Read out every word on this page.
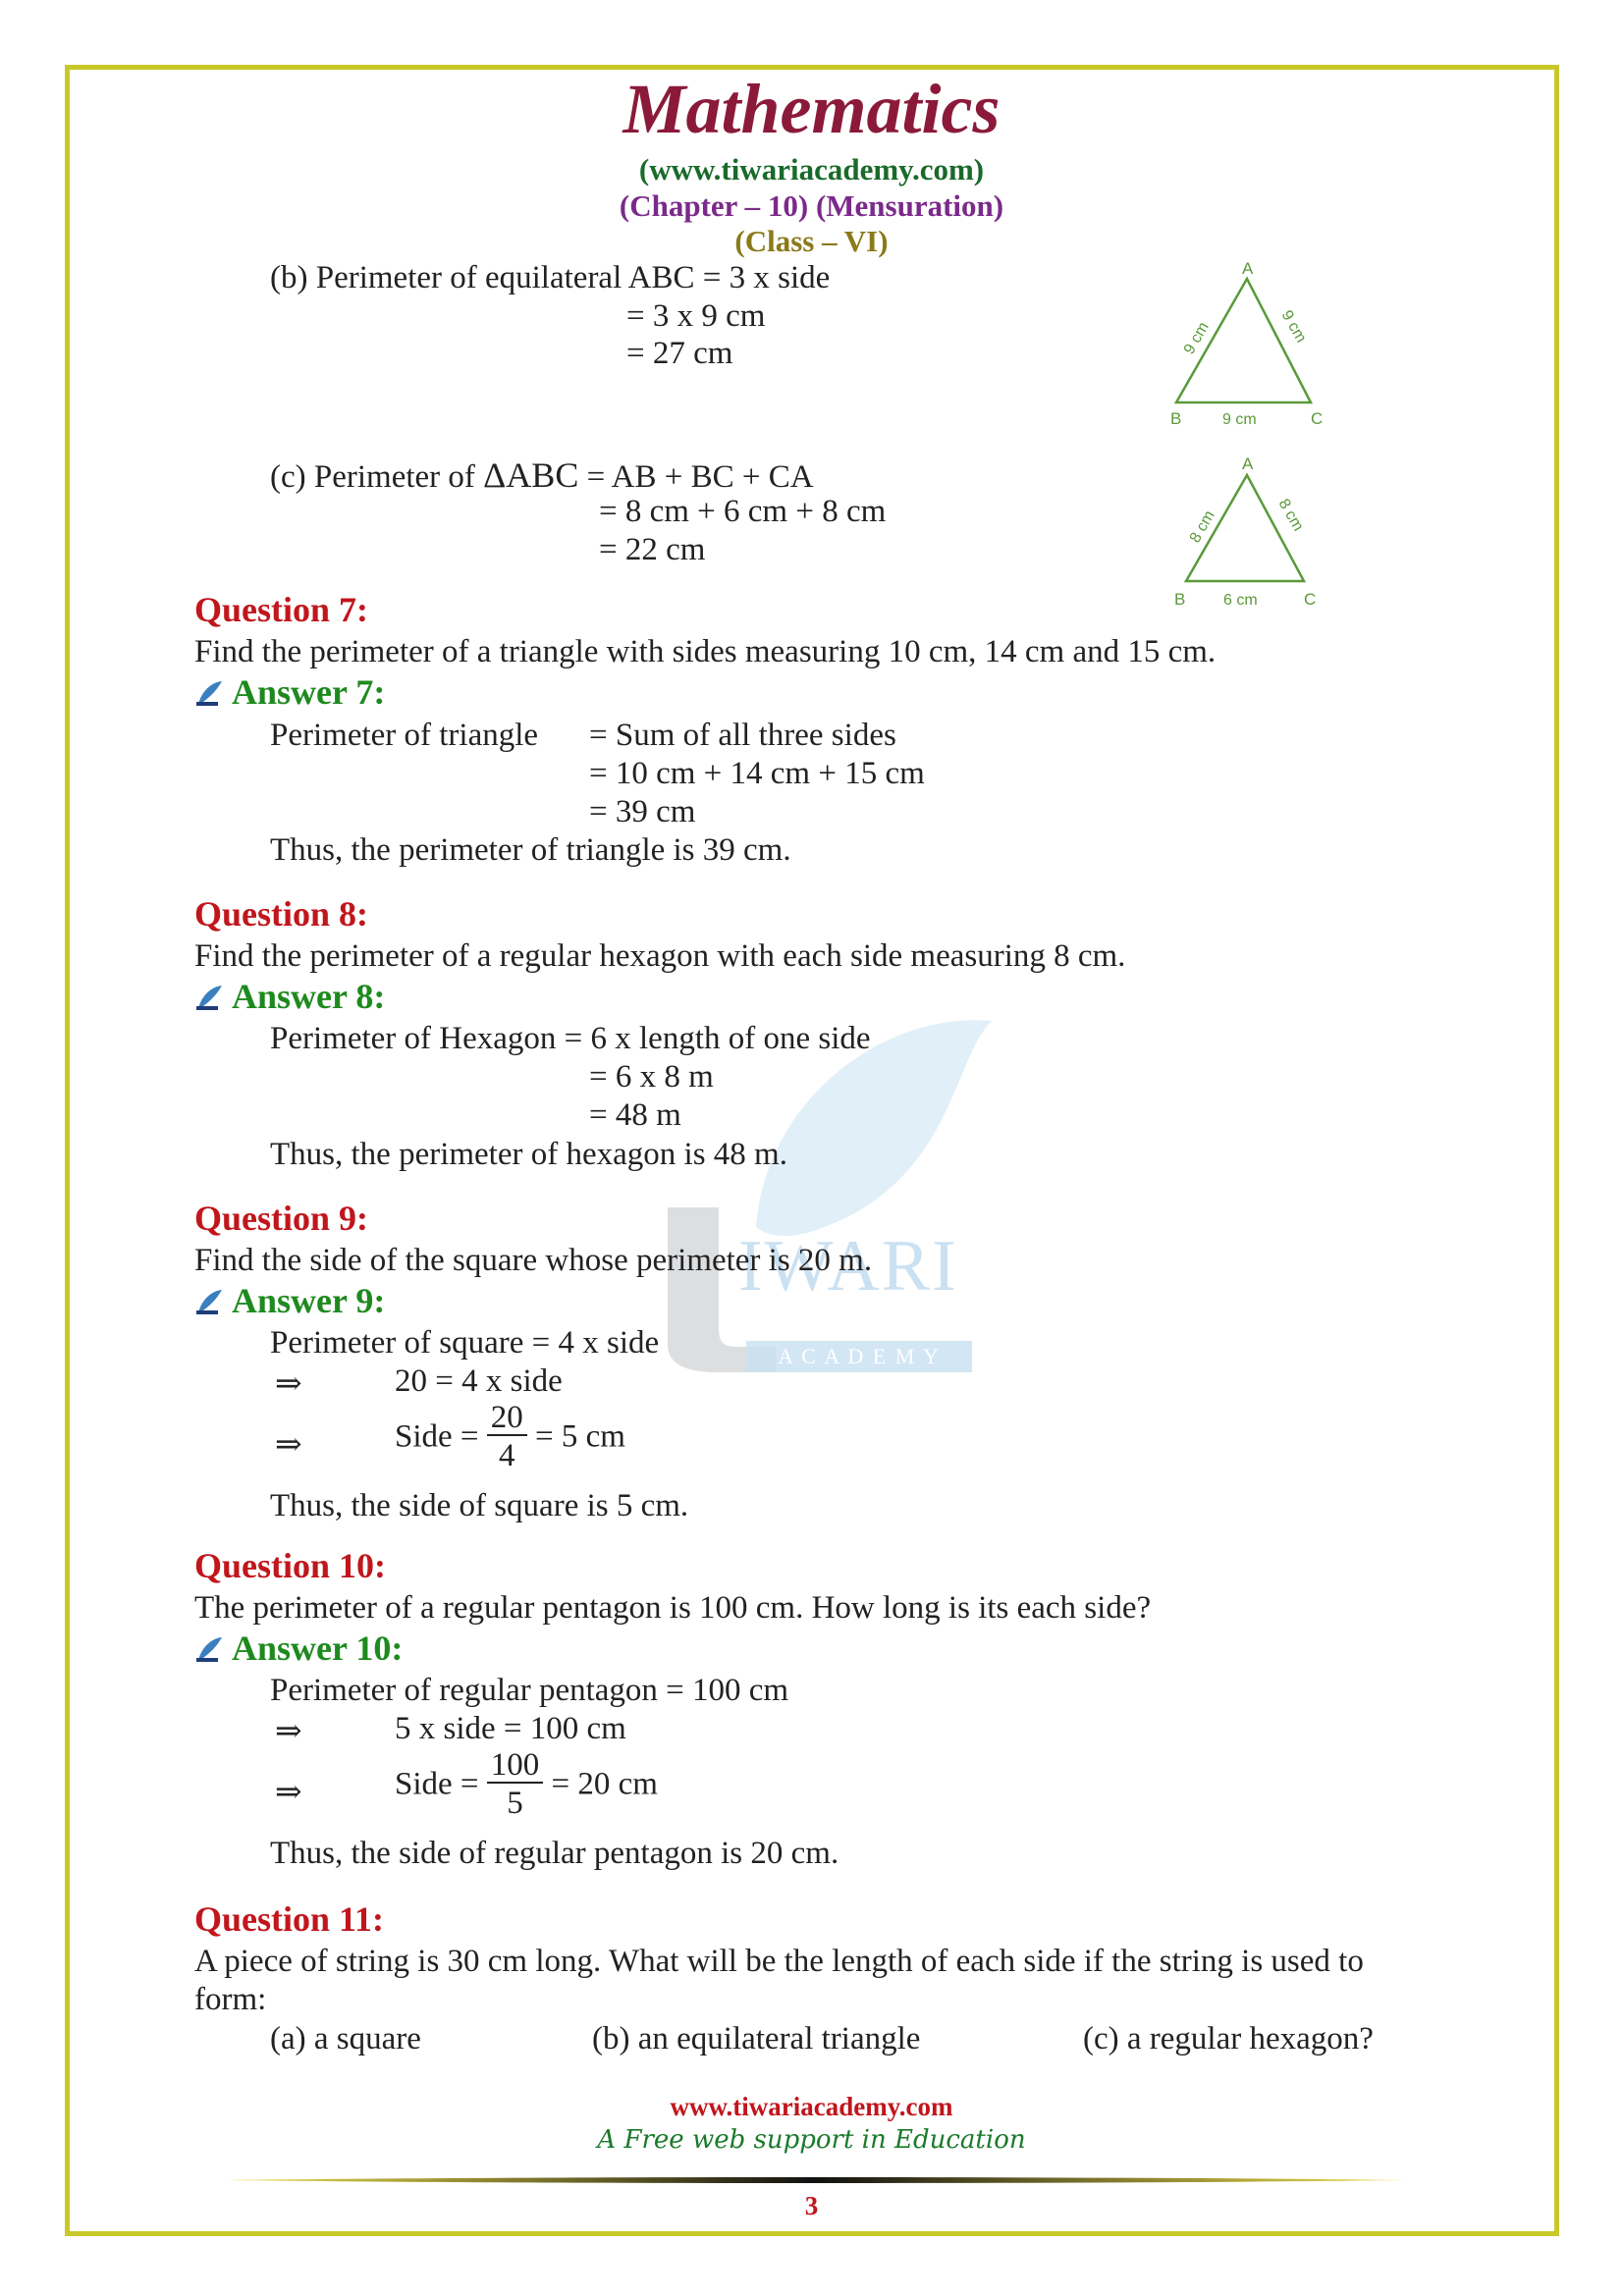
IWARI
A C A D E M Y
Mathematics
(www.tiwariacademy.com)
(Chapter – 10) (Mensuration)
(Class – VI)
(b) Perimeter of equilateral ABC = 3 x side
= 3 x 9 cm
= 27 cm
A
B	C
9 cm	9 cm
9 cm
(c) Perimeter of ΔABC = AB + BC + CA
= 8 cm + 6 cm + 8 cm
= 22 cm
A
B	C
8 cm	8 cm
6 cm
Question 7:
Find the perimeter of a triangle with sides measuring 10 cm, 14 cm and 15 cm.
Answer 7:
Perimeter of triangle = Sum of all three sides
= 10 cm + 14 cm + 15 cm
= 39 cm
Thus, the perimeter of triangle is 39 cm.
Question 8:
Find the perimeter of a regular hexagon with each side measuring 8 cm.
Answer 8:
Perimeter of Hexagon = 6 x length of one side
= 6 x 8 m
= 48 m
Thus, the perimeter of hexagon is 48 m.
Question 9:
Find the side of the square whose perimeter is 20 m.
Answer 9:
Perimeter of square = 4 x side
⇒	20 = 4 x side
⇒	Side = $\frac{20}{4} = 5$ cm
Thus, the side of square is 5 cm.
Question 10:
The perimeter of a regular pentagon is 100 cm. How long is its each side?
Answer 10:
Perimeter of regular pentagon = 100 cm
⇒	5 x side = 100 cm
⇒	Side = $\frac{100}{5} = 20$ cm
Thus, the side of regular pentagon is 20 cm.
Question 11:
A piece of string is 30 cm long. What will be the length of each side if the string is used to
form:
(a) a square	(b) an equilateral triangle	(c) a regular hexagon?
www.tiwariacademy.com
A Free web support in Education
3
